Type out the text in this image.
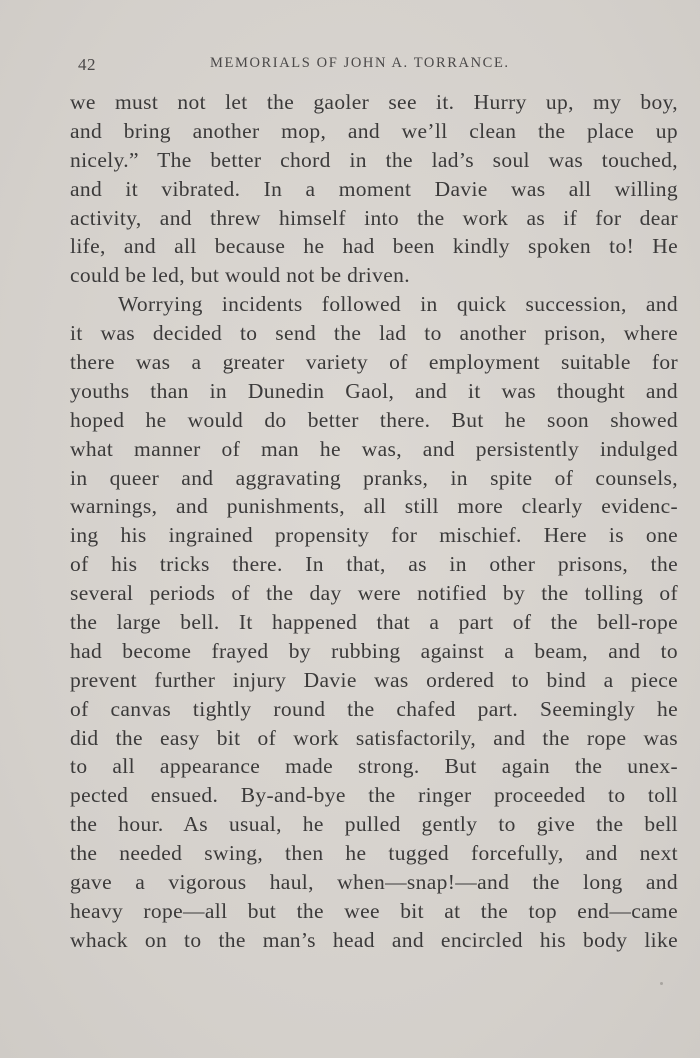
42	MEMORIALS OF JOHN A. TORRANCE.
we must not let the gaoler see it. Hurry up, my boy,
and bring another mop, and we’ll clean the place up
nicely.” The better chord in the lad’s soul was touched,
and it vibrated. In a moment Davie was all willing
activity, and threw himself into the work as if for dear
life, and all because he had been kindly spoken to! He
could be led, but would not be driven.
Worrying incidents followed in quick succession, and
it was decided to send the lad to another prison, where
there was a greater variety of employment suitable for
youths than in Dunedin Gaol, and it was thought and
hoped he would do better there. But he soon showed
what manner of man he was, and persistently indulged
in queer and aggravating pranks, in spite of counsels,
warnings, and punishments, all still more clearly evidenc-
ing his ingrained propensity for mischief. Here is one
of his tricks there. In that, as in other prisons, the
several periods of the day were notified by the tolling of
the large bell. It happened that a part of the bell-rope
had become frayed by rubbing against a beam, and to
prevent further injury Davie was ordered to bind a piece
of canvas tightly round the chafed part. Seemingly he
did the easy bit of work satisfactorily, and the rope was
to all appearance made strong. But again the unex-
pected ensued. By-and-bye the ringer proceeded to toll
the hour. As usual, he pulled gently to give the bell
the needed swing, then he tugged forcefully, and next
gave a vigorous haul, when—snap!—and the long and
heavy rope—all but the wee bit at the top end—came
whack on to the man’s head and encircled his body like
